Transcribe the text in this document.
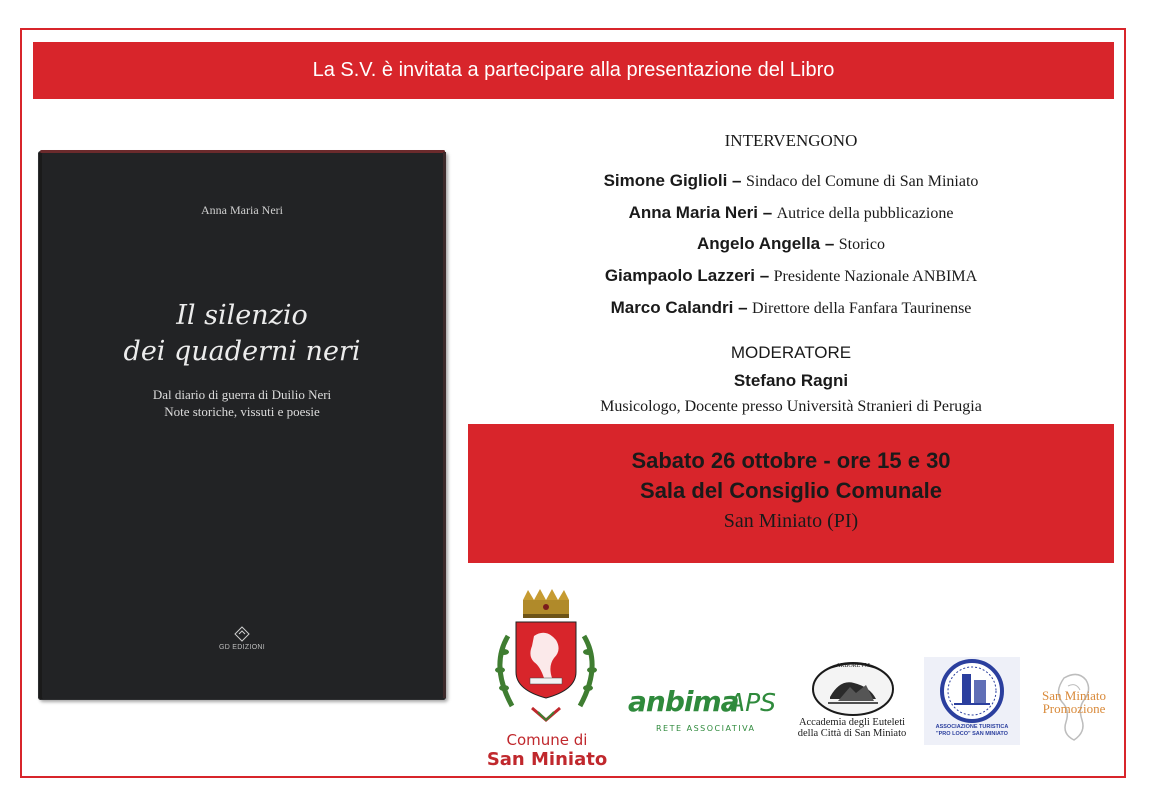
La S.V. è invitata a partecipare alla presentazione del Libro
Anna Maria Neri
Il silenzio
dei quaderni neri
Dal diario di guerra di Duilio Neri
Note storiche, vissuti e poesie
GD EDIZIONI
INTERVENGONO
Simone Giglioli – Sindaco del Comune di San Miniato
Anna Maria Neri – Autrice della pubblicazione
Angelo Angella – Storico
Giampaolo Lazzeri – Presidente Nazionale ANBIMA
Marco Calandri – Direttore della Fanfara Taurinense
MODERATORE
Stefano Ragni
Musicologo, Docente presso Università Stranieri di Perugia
Sabato 26 ottobre - ore 15 e 30
Sala del Consiglio Comunale
San Miniato (PI)
Comune di
San Miniato
anbima
APS
RETE ASSOCIATIVA
ARBOREVM
Accademia degli Euteleti
della Città di San Miniato
ASSOCIAZIONE TURISTICA
"PRO LOCO" SAN MINIATO
San Miniato
Promozione
